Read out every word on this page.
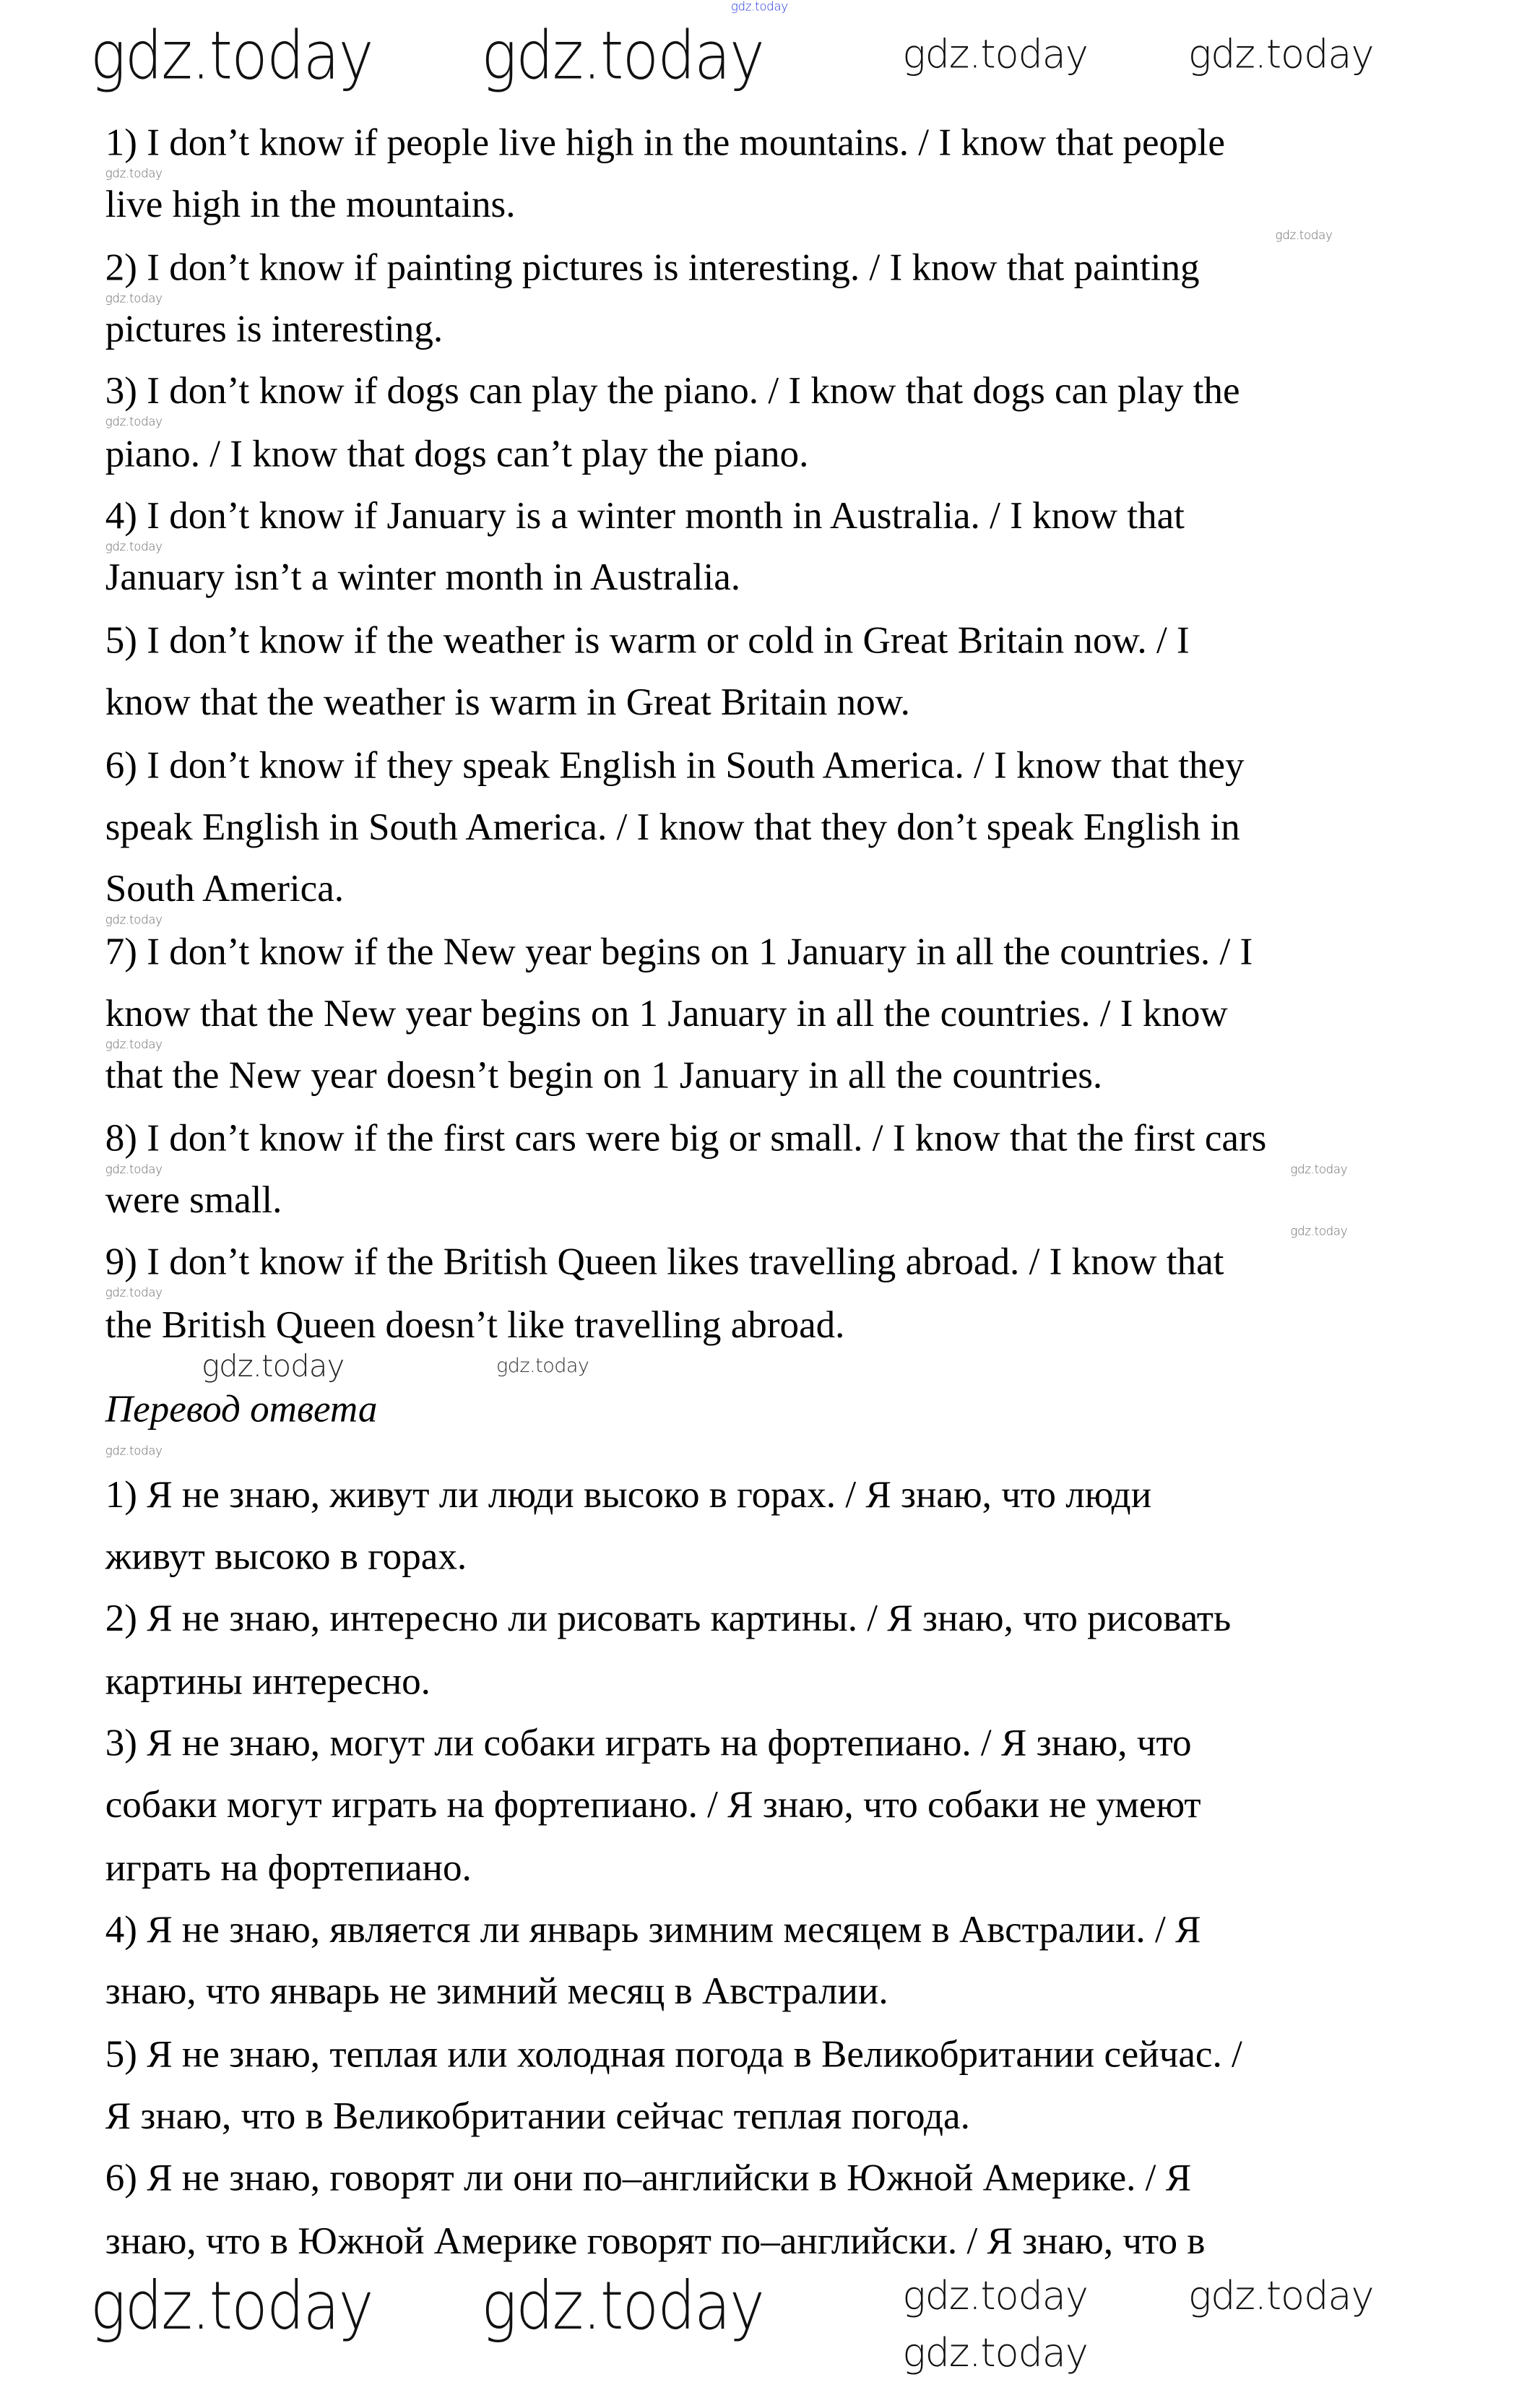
1) I don’t know if people live high in the mountains. / I know that people
live high in the mountains.
2) I don’t know if painting pictures is interesting. / I know that painting
pictures is interesting.
3) I don’t know if dogs can play the piano. / I know that dogs can play the
piano. / I know that dogs can’t play the piano.
4) I don’t know if January is a winter month in Australia. / I know that
January isn’t a winter month in Australia.
5) I don’t know if the weather is warm or cold in Great Britain now. / I
know that the weather is warm in Great Britain now.
6) I don’t know if they speak English in South America. / I know that they
speak English in South America. / I know that they don’t speak English in
South America.
7) I don’t know if the New year begins on 1 January in all the countries. / I
know that the New year begins on 1 January in all the countries. / I know
that the New year doesn’t begin on 1 January in all the countries.
8) I don’t know if the first cars were big or small. / I know that the first cars
were small.
9) I don’t know if the British Queen likes travelling abroad. / I know that
the British Queen doesn’t like travelling abroad.
1) Я не знаю, живут ли люди высоко в горах. / Я знаю, что люди
живут высоко в горах.
2) Я не знаю, интересно ли рисовать картины. / Я знаю, что рисовать
картины интересно.
3) Я не знаю, могут ли собаки играть на фортепиано. / Я знаю, что
собаки могут играть на фортепиано. / Я знаю, что собаки не умеют
играть на фортепиано.
4) Я не знаю, является ли январь зимним месяцем в Австралии. / Я
знаю, что январь не зимний месяц в Австралии.
5) Я не знаю, теплая или холодная погода в Великобритании сейчас. /
Я знаю, что в Великобритании сейчас теплая погода.
6) Я не знаю, говорят ли они по–английски в Южной Америке. / Я
знаю, что в Южной Америке говорят по–английски. / Я знаю, что в
Перевод ответа
gdz.today
gdz.today
gdz.today
gdz.today
gdz.today
gdz.today
gdz.today
gdz.today
gdz.today	gdz.today
gdz.today
gdz.today
gdz.today
gdz.today	gdz.today
gdz.today	gdz.today	gdz.today	gdz.today
gdz.today	gdz.today	gdz.today	gdz.today
gdz.today
